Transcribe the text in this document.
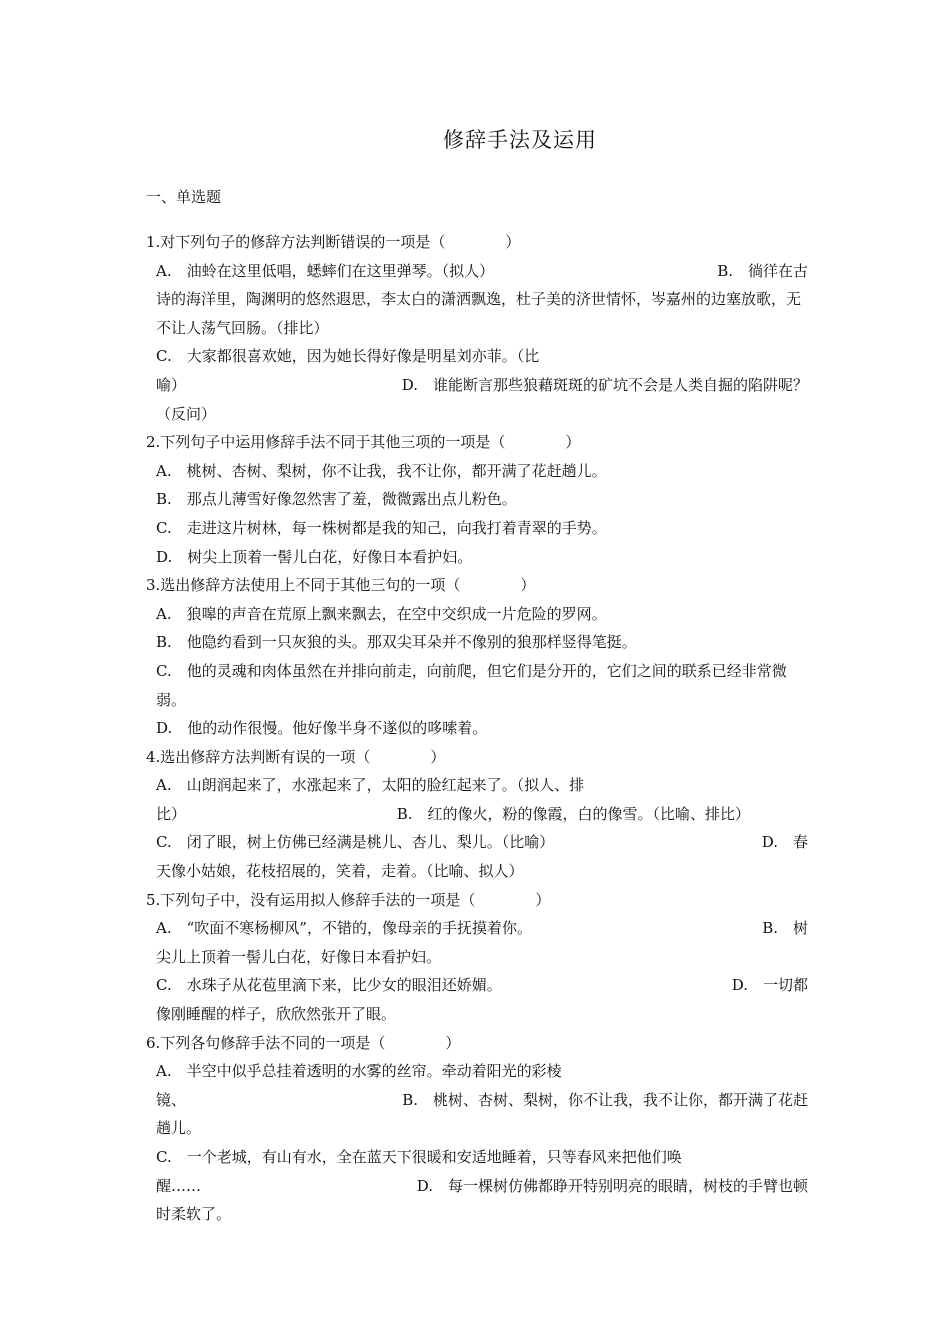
修辞手法及运用
一、单选题
1.对下列句子的修辞方法判断错误的一项是（　　　　）
A.　油蛉在这里低唱，蟋蟀们在这里弹琴。（拟人）	B.　徜徉在古
诗的海洋里，陶渊明的悠然遐思，李太白的潇洒飘逸，杜子美的济世情怀，岑嘉州的边塞放歌，无不让人荡气回肠。（排比）
C.　大家都很喜欢她，因为她长得好像是明星刘亦菲。（比
喻）	D.　谁能断言那些狼藉斑斑的矿坑不会是人类自掘的陷阱呢？
（反问）
2.下列句子中运用修辞手法不同于其他三项的一项是（　　　　）
A.　桃树、杏树、梨树，你不让我，我不让你，都开满了花赶趟儿。
B.　那点儿薄雪好像忽然害了羞，微微露出点儿粉色。
C.　走进这片树林，每一株树都是我的知己，向我打着青翠的手势。
D.　树尖上顶着一髻儿白花，好像日本看护妇。
3.选出修辞方法使用上不同于其他三句的一项（　　　　）
A.　狼嗥的声音在荒原上飘来飘去，在空中交织成一片危险的罗网。
B.　他隐约看到一只灰狼的头。那双尖耳朵并不像别的狼那样竖得笔挺。
C.　他的灵魂和肉体虽然在并排向前走，向前爬，但它们是分开的，它们之间的联系已经非常微弱。
D.　他的动作很慢。他好像半身不遂似的哆嗦着。
4.选出修辞方法判断有误的一项（　　　　）
A.　山朗润起来了，水涨起来了，太阳的脸红起来了。（拟人、排
比）	B.　红的像火，粉的像霞，白的像雪。（比喻、排比）
C.　闭了眼，树上仿佛已经满是桃儿、杏儿、梨儿。（比喻）	D.　春
天像小姑娘，花枝招展的，笑着，走着。（比喻、拟人）
5.下列句子中，没有运用拟人修辞手法的一项是（　　　　）
A.　“吹面不寒杨柳风”，不错的，像母亲的手抚摸着你。	B.　树
尖儿上顶着一髻儿白花，好像日本看护妇。
C.　水珠子从花苞里滴下来，比少女的眼泪还娇媚。	D.　一切都
像刚睡醒的样子，欣欣然张开了眼。
6.下列各句修辞手法不同的一项是（　　　　）
A.　半空中似乎总挂着透明的水雾的丝帘。牵动着阳光的彩棱
镜、	B.　桃树、杏树、梨树，你不让我，我不让你，都开满了花赶
趟儿。
C.　一个老城，有山有水，全在蓝天下很暖和安适地睡着，只等春风来把他们唤
醒……	D.　每一棵树仿佛都睁开特别明亮的眼睛，树枝的手臂也顿
时柔软了。
